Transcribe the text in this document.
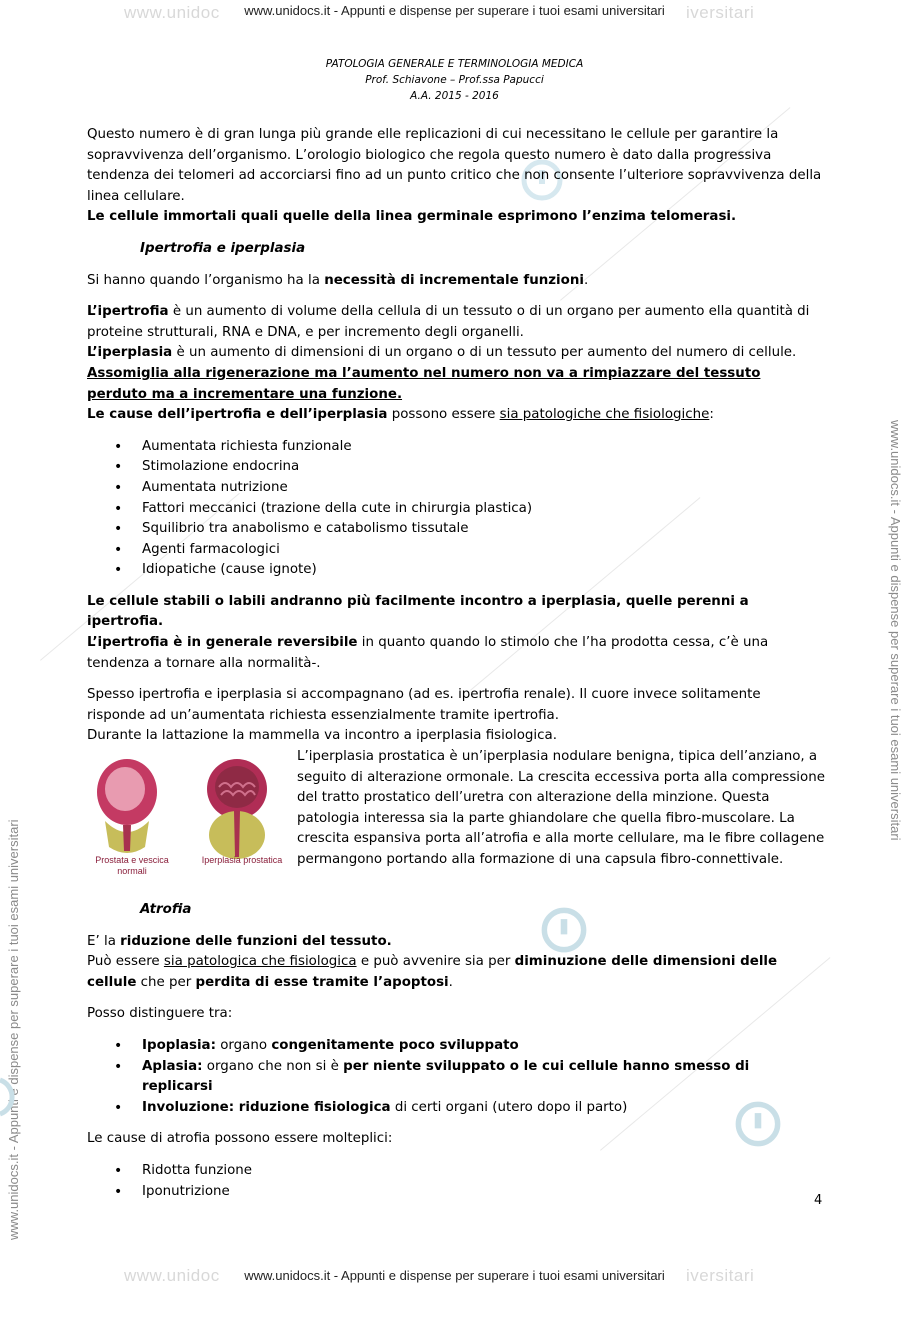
www.unidoc	iversitari
www.unidocs.it - Appunti e dispense per superare i tuoi esami universitari
www.unidoc	iversitari
www.unidocs.it - Appunti e dispense per superare i tuoi esami universitari
www.unidocs.it - Appunti e dispense per superare i tuoi esami universitari
www.unidocs.it - Appunti e dispense per superare i tuoi esami universitari
PATOLOGIA GENERALE E TERMINOLOGIA MEDICA
Prof. Schiavone – Prof.ssa Papucci
A.A. 2015 - 2016

Questo numero è di gran lunga più grande elle replicazioni di cui necessitano le cellule per garantire la sopravvivenza dell’organismo. L’orologio biologico che regola questo numero è dato dalla progressiva tendenza dei telomeri ad accorciarsi fino ad un punto critico che non consente l’ulteriore sopravvivenza della linea cellulare.

Le cellule immortali quali quelle della linea germinale esprimono l’enzima telomerasi.

Ipertrofia e iperplasia

Si hanno quando l’organismo ha la necessità di incrementale funzioni.

L’ipertrofia è un aumento di volume della cellula di un tessuto o di un organo per aumento ella quantità di proteine strutturali, RNA e DNA, e per incremento degli organelli.

L’iperplasia è un aumento di dimensioni di un organo o di un tessuto per aumento del numero di cellule.

Assomiglia alla rigenerazione ma l’aumento nel numero non va a rimpiazzare del tessuto perduto ma a incrementare una funzione.

Le cause dell’ipertrofia e dell’iperplasia possono essere sia patologiche che fisiologiche:

• Aumentata richiesta funzionale
• Stimolazione endocrina
• Aumentata nutrizione
• Fattori meccanici (trazione della cute in chirurgia plastica)
• Squilibrio tra anabolismo e catabolismo tissutale
• Agenti farmacologici
• Idiopatiche (cause ignote)

Le cellule stabili o labili andranno più facilmente incontro a iperplasia, quelle perenni a ipertrofia.

L’ipertrofia è in generale reversibile in quanto quando lo stimolo che l’ha prodotta cessa, c’è una tendenza a tornare alla normalità-.

Spesso ipertrofia e iperplasia si accompagnano (ad es. ipertrofia renale). Il cuore invece solitamente risponde ad un’aumentata richiesta essenzialmente tramite ipertrofia.

Durante la lattazione la mammella va incontro a iperplasia fisiologica.

Prostata e vescica
normali
Iperplasia prostatica

L’iperplasia prostatica è un’iperplasia nodulare benigna, tipica dell’anziano, a seguito di alterazione ormonale. La crescita eccessiva porta alla compressione del tratto prostatico dell’uretra con alterazione della minzione. Questa patologia interessa sia la parte ghiandolare che quella fibro-muscolare. La crescita espansiva porta all’atrofia e alla morte cellulare, ma le fibre collagene permangono portando alla formazione di una capsula fibro-connettivale.

Atrofia

E’ la riduzione delle funzioni del tessuto.

Può essere sia patologica che fisiologica e può avvenire sia per diminuzione delle dimensioni delle cellule che per perdita di esse tramite l’apoptosi.

Posso distinguere tra:

• Ipoplasia: organo congenitamente poco sviluppato
• Aplasia: organo che non si è per niente sviluppato o le cui cellule hanno smesso di replicarsi
• Involuzione: riduzione fisiologica di certi organi (utero dopo il parto)

Le cause di atrofia possono essere molteplici:

• Ridotta funzione
• Iponutrizione
4
